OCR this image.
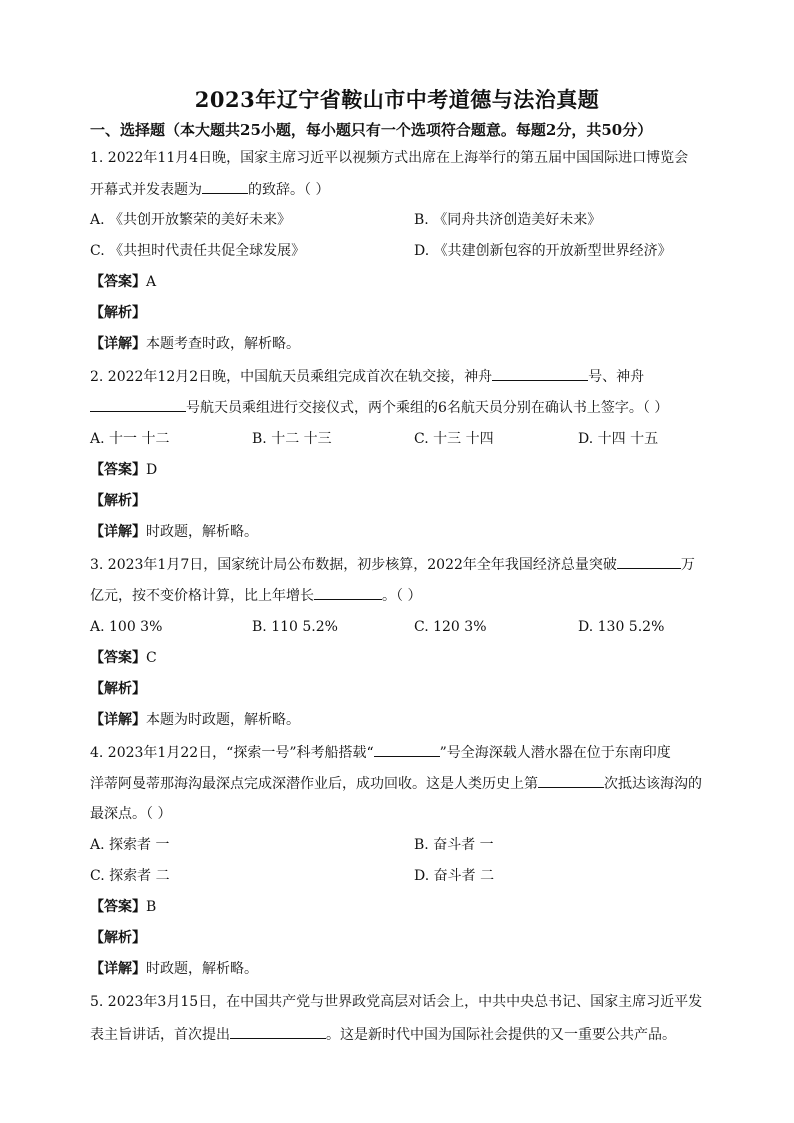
2023年辽宁省鞍山市中考道德与法治真题
一、选择题（本大题共25小题，每小题只有一个选项符合题意。每题2分，共50分）
1. 2022年11月4日晚，国家主席习近平以视频方式出席在上海举行的第五届中国国际进口博览会
开幕式并发表题为	的致辞。（ ）
A. 《共创开放繁荣的美好未来》	B. 《同舟共济创造美好未来》
C. 《共担时代责任共促全球发展》	D. 《共建创新包容的开放新型世界经济》
【答案】A
【解析】
【详解】本题考查时政，解析略。
2. 2022年12月2日晚，中国航天员乘组完成首次在轨交接，神舟	号、神舟
号航天员乘组进行交接仪式，两个乘组的6名航天员分别在确认书上签字。（ ）
A. 十一 十二	B. 十二 十三	C. 十三 十四	D. 十四 十五
【答案】D
【解析】
【详解】时政题，解析略。
3. 2023年1月7日，国家统计局公布数据，初步核算，2022年全年我国经济总量突破	万
亿元，按不变价格计算，比上年增长	。（ ）
A. 100 3%	B. 110 5.2%	C. 120 3%	D. 130 5.2%
【答案】C
【解析】
【详解】本题为时政题，解析略。
4. 2023年1月22日，“探索一号”科考船搭载“	”号全海深载人潜水器在位于东南印度
洋蒂阿曼蒂那海沟最深点完成深潜作业后，成功回收。这是人类历史上第	次抵达该海沟的
最深点。（ ）
A. 探索者 一	B. 奋斗者 一
C. 探索者 二	D. 奋斗者 二
【答案】B
【解析】
【详解】时政题，解析略。
5. 2023年3月15日，在中国共产党与世界政党高层对话会上，中共中央总书记、国家主席习近平发
表主旨讲话，首次提出	。这是新时代中国为国际社会提供的又一重要公共产品。
